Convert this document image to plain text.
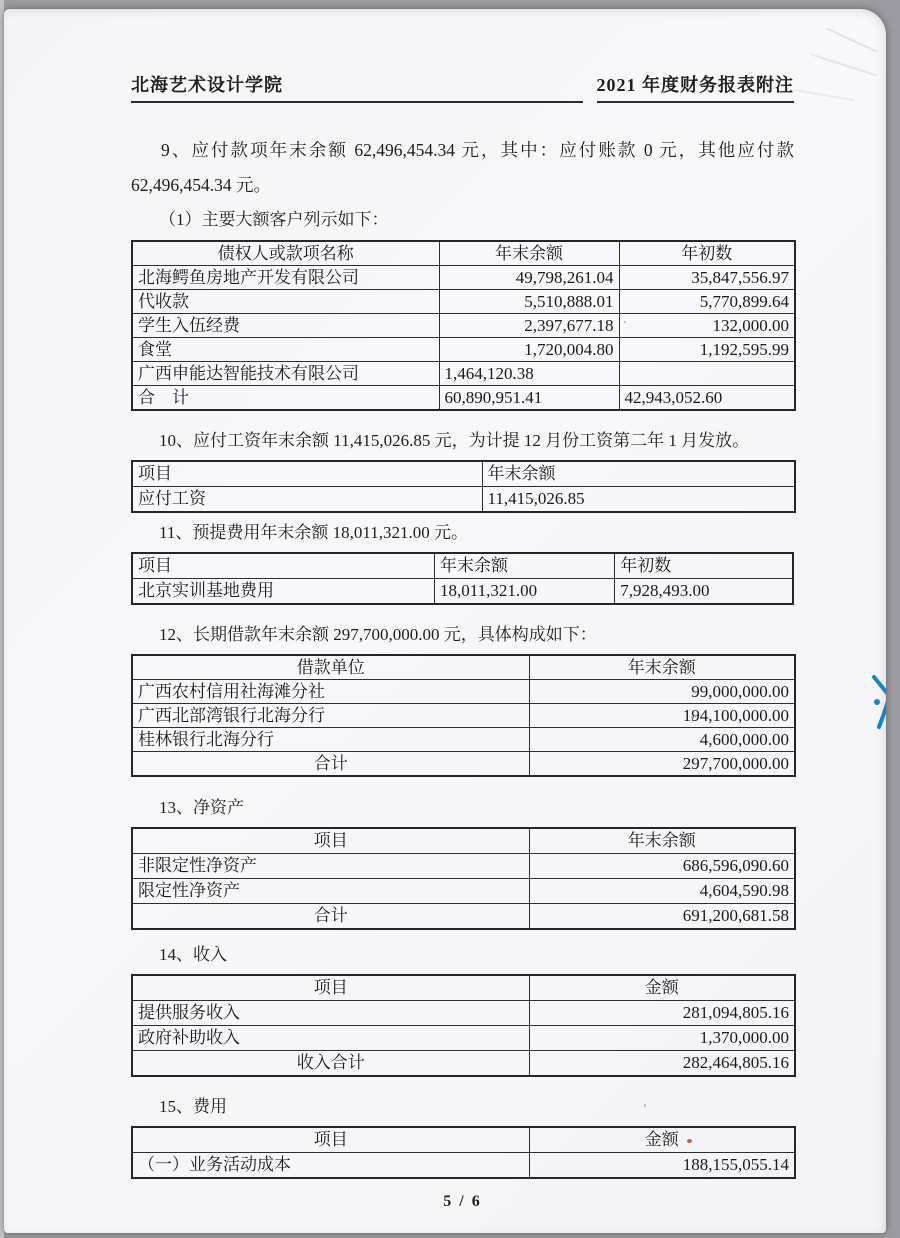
北海艺术设计学院	2021 年度财务报表附注

9、应付款项年末余额 62,496,454.34 元，其中：应付账款 0 元，其他应付款 62,496,454.34 元。

（1）主要大额客户列示如下：
债权人或款项名称	年末余额	年初数
北海鳄鱼房地产开发有限公司	49,798,261.04	35,847,556.97
代收款	5,510,888.01	5,770,899.64
学生入伍经费	2,397,677.18	132,000.00
食堂	1,720,004.80	1,192,595.99
广西申能达智能技术有限公司	1,464,120.38	
合　计	60,890,951.41	42,943,052.60
10、应付工资年末余额 11,415,026.85 元，为计提 12 月份工资第二年 1 月发放。
项目	年末余额
应付工资	11,415,026.85
11、预提费用年末余额 18,011,321.00 元。
项目	年末余额	年初数
北京实训基地费用	18,011,321.00	7,928,493.00
12、长期借款年末余额 297,700,000.00 元，具体构成如下：
借款单位	年末余额
广西农村信用社海滩分社	99,000,000.00
广西北部湾银行北海分行	194,100,000.00
桂林银行北海分行	4,600,000.00
合计	297,700,000.00
13、净资产
项目	年末余额
非限定性净资产	686,596,090.60
限定性净资产	4,604,590.98
合计	691,200,681.58
14、收入
项目	金额
提供服务收入	281,094,805.16
政府补助收入	1,370,000.00
收入合计	282,464,805.16
15、费用
项目	金额
（一）业务活动成本	188,155,055.14
5 / 6
